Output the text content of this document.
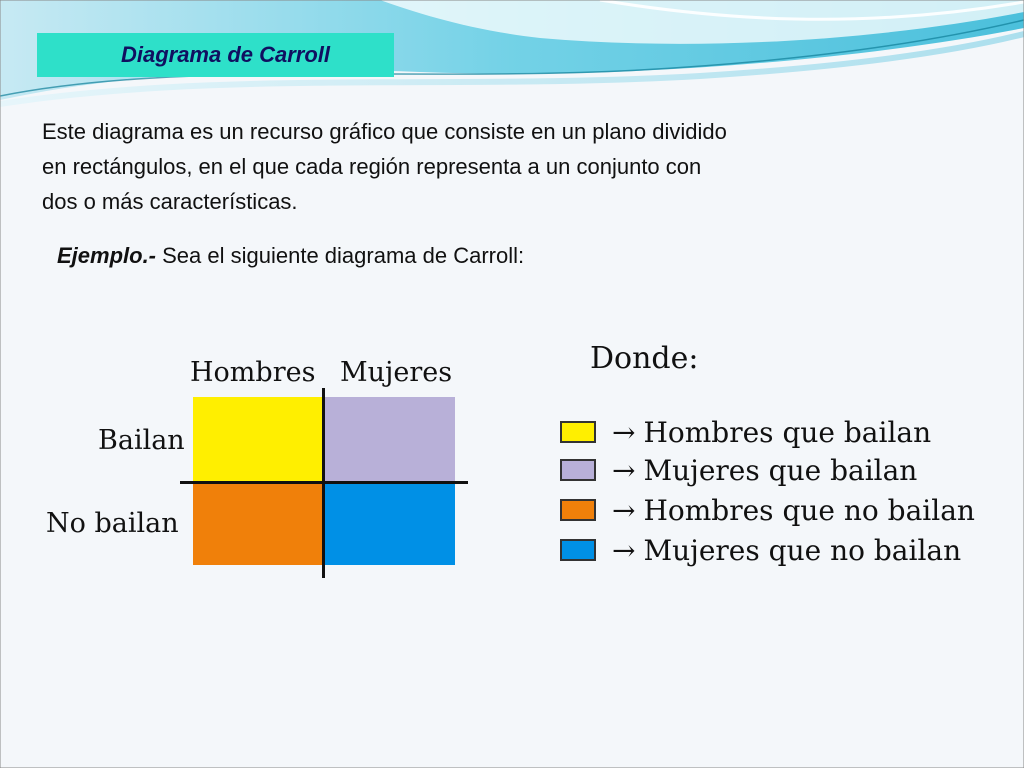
Diagrama de Carroll
Este diagrama es un recurso gráfico que consiste en un plano dividido
en rectángulos, en el que cada región representa a un conjunto con
dos o más características.
Ejemplo.- Sea el siguiente diagrama de Carroll:
Hombres Mujeres
Bailan
No bailan
Donde:
→ Hombres que bailan
→ Mujeres que bailan
→ Hombres que no bailan
→ Mujeres que no bailan
